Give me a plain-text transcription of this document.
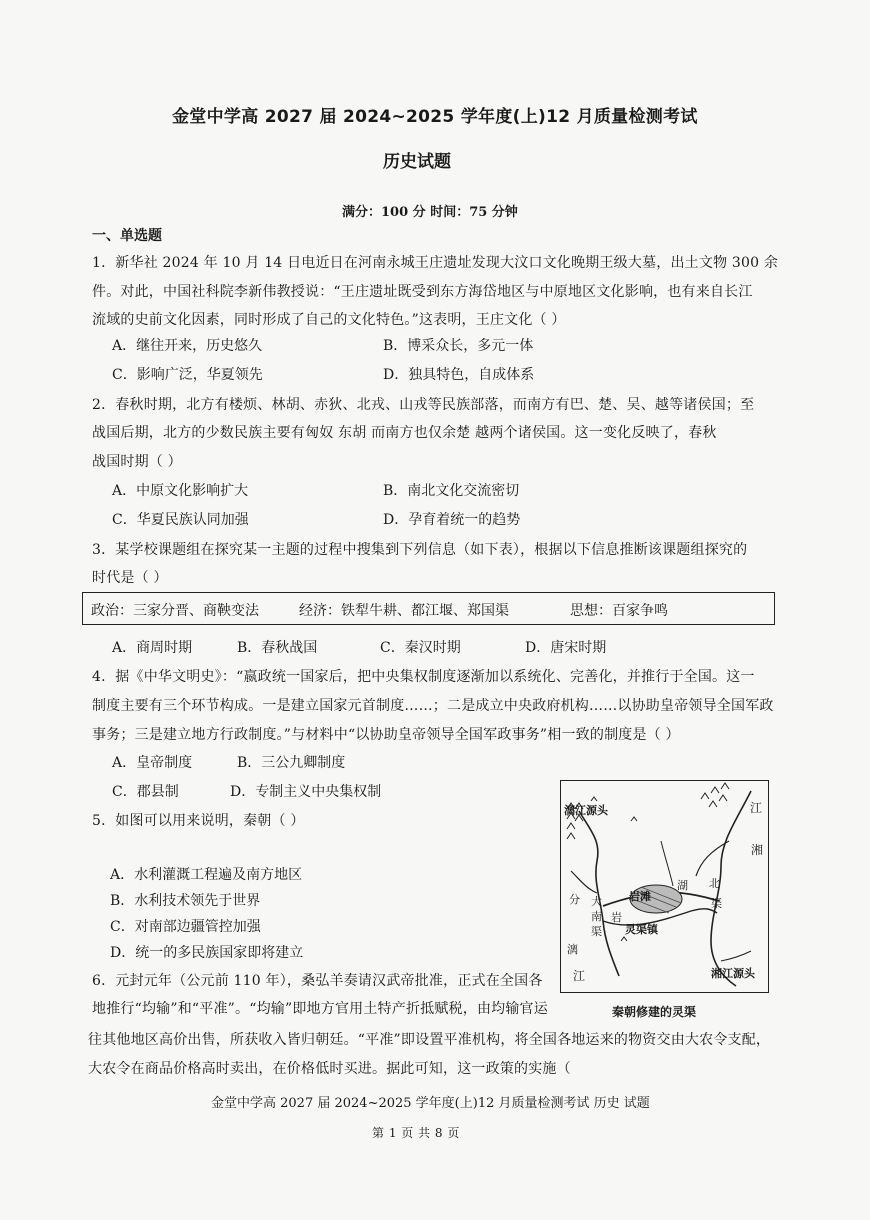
金堂中学高 2027 届 2024~2025 学年度(上)12 月质量检测考试
历史试题
满分：100 分 时间：75 分钟
一、单选题
1．新华社 2024 年 10 月 14 日电近日在河南永城王庄遗址发现大汶口文化晚期王级大墓，出土文物 300 余
件。对此，中国社科院李新伟教授说：“王庄遗址既受到东方海岱地区与中原地区文化影响，也有来自长江
流域的史前文化因素，同时形成了自己的文化特色。”这表明，王庄文化（ ）
A．继往开来，历史悠久	B．博采众长，多元一体
C．影响广泛，华夏领先	D．独具特色，自成体系
2．春秋时期，北方有楼烦、林胡、赤狄、北戎、山戎等民族部落，而南方有巴、楚、吴、越等诸侯国；至
战国后期，北方的少数民族主要有匈奴 东胡 而南方也仅余楚 越两个诸侯国。这一变化反映了，春秋
战国时期（ ）
A．中原文化影响扩大	B．南北文化交流密切
C．华夏民族认同加强	D．孕育着统一的趋势
3．某学校课题组在探究某一主题的过程中搜集到下列信息（如下表），根据以下信息推断该课题组探究的
时代是（ ）
政治：三家分晋、商鞅变法	经济：铁犁牛耕、都江堰、郑国渠	思想：百家争鸣
A．商周时期	B．春秋战国	C．秦汉时期	D．唐宋时期
4．据《中华文明史》：“嬴政统一国家后，把中央集权制度逐渐加以系统化、完善化，并推行于全国。这一
制度主要有三个环节构成。一是建立国家元首制度……；二是成立中央政府机构……以协助皇帝领导全国军政
事务；三是建立地方行政制度。”与材料中“以协助皇帝领导全国军政事务”相一致的制度是（ ）
A．皇帝制度	B．三公九卿制度
C．郡县制	D．专制主义中央集权制
5．如图可以用来说明，秦朝（ ）
A．水利灌溉工程遍及南方地区
B．水利技术领先于世界
C．对南部边疆管控加强
D．统一的多民族国家即将建立
漓江源头	江
湘
北
渠
大
南
渠
分	岩滩
灵渠镇
湖
岩
漓
江	湘江源头
秦朝修建的灵渠
6．元封元年（公元前 110 年），桑弘羊奏请汉武帝批准，正式在全国各
地推行“均输”和“平准”。“均输”即地方官用土特产折抵赋税，由均输官运
往其他地区高价出售，所获收入皆归朝廷。“平准”即设置平准机构，将全国各地运来的物资交由大农令支配，
大农令在商品价格高时卖出，在价格低时买进。据此可知，这一政策的实施（
金堂中学高 2027 届 2024~2025 学年度(上)12 月质量检测考试 历史 试题
第 1 页 共 8 页
